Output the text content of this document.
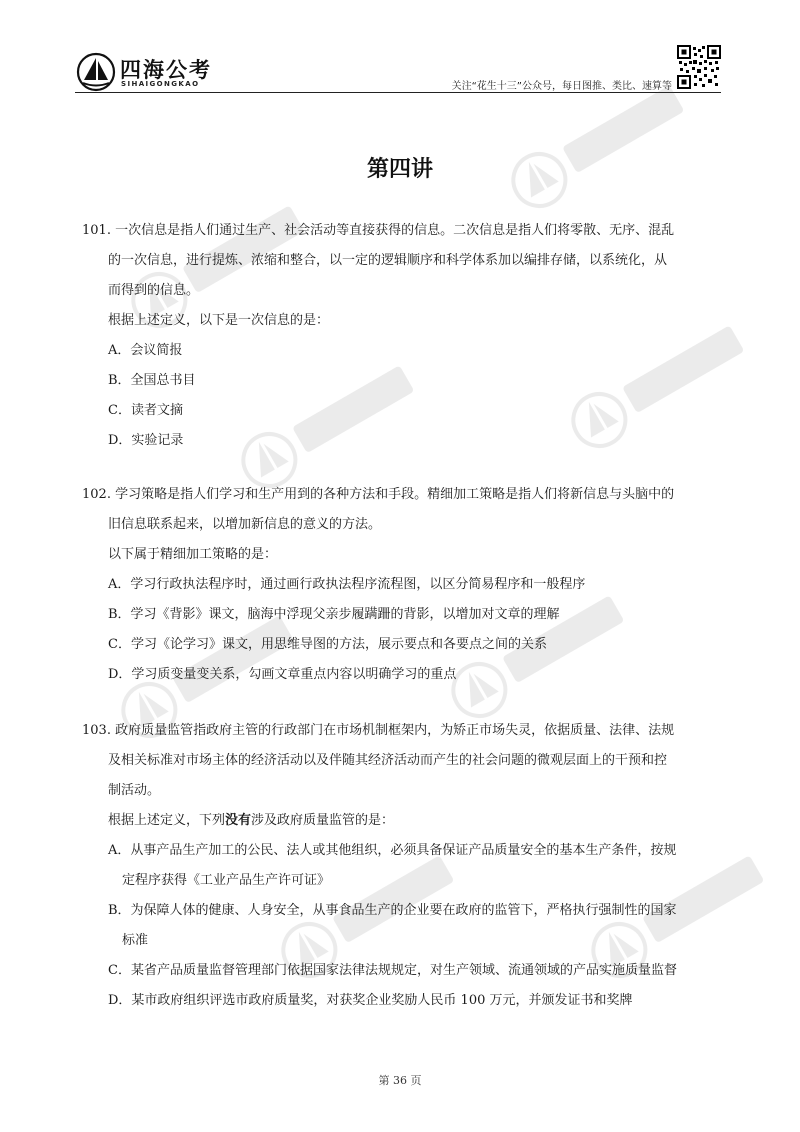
四海公考
SIHAIGONGKAO	关注“花生十三”公众号，每日图推、类比、速算等
第四讲
101. 一次信息是指人们通过生产、社会活动等直接获得的信息。二次信息是指人们将零散、无序、混乱
的一次信息，进行提炼、浓缩和整合，以一定的逻辑顺序和科学体系加以编排存储，以系统化，从
而得到的信息。
根据上述定义，以下是一次信息的是：
A．会议简报
B．全国总书目
C．读者文摘
D．实验记录
102. 学习策略是指人们学习和生产用到的各种方法和手段。精细加工策略是指人们将新信息与头脑中的
旧信息联系起来，以增加新信息的意义的方法。
以下属于精细加工策略的是：
A．学习行政执法程序时，通过画行政执法程序流程图，以区分简易程序和一般程序
B．学习《背影》课文，脑海中浮现父亲步履蹒跚的背影，以增加对文章的理解
C．学习《论学习》课文，用思维导图的方法，展示要点和各要点之间的关系
D．学习质变量变关系，勾画文章重点内容以明确学习的重点
103. 政府质量监管指政府主管的行政部门在市场机制框架内，为矫正市场失灵，依据质量、法律、法规
及相关标准对市场主体的经济活动以及伴随其经济活动而产生的社会问题的微观层面上的干预和控
制活动。
根据上述定义，下列没有涉及政府质量监管的是：
A．从事产品生产加工的公民、法人或其他组织，必须具备保证产品质量安全的基本生产条件，按规
定程序获得《工业产品生产许可证》
B．为保障人体的健康、人身安全，从事食品生产的企业要在政府的监管下，严格执行强制性的国家
标准
C．某省产品质量监督管理部门依据国家法律法规规定，对生产领域、流通领域的产品实施质量监督
D．某市政府组织评选市政府质量奖，对获奖企业奖励人民币 100 万元，并颁发证书和奖牌
第 36 页
